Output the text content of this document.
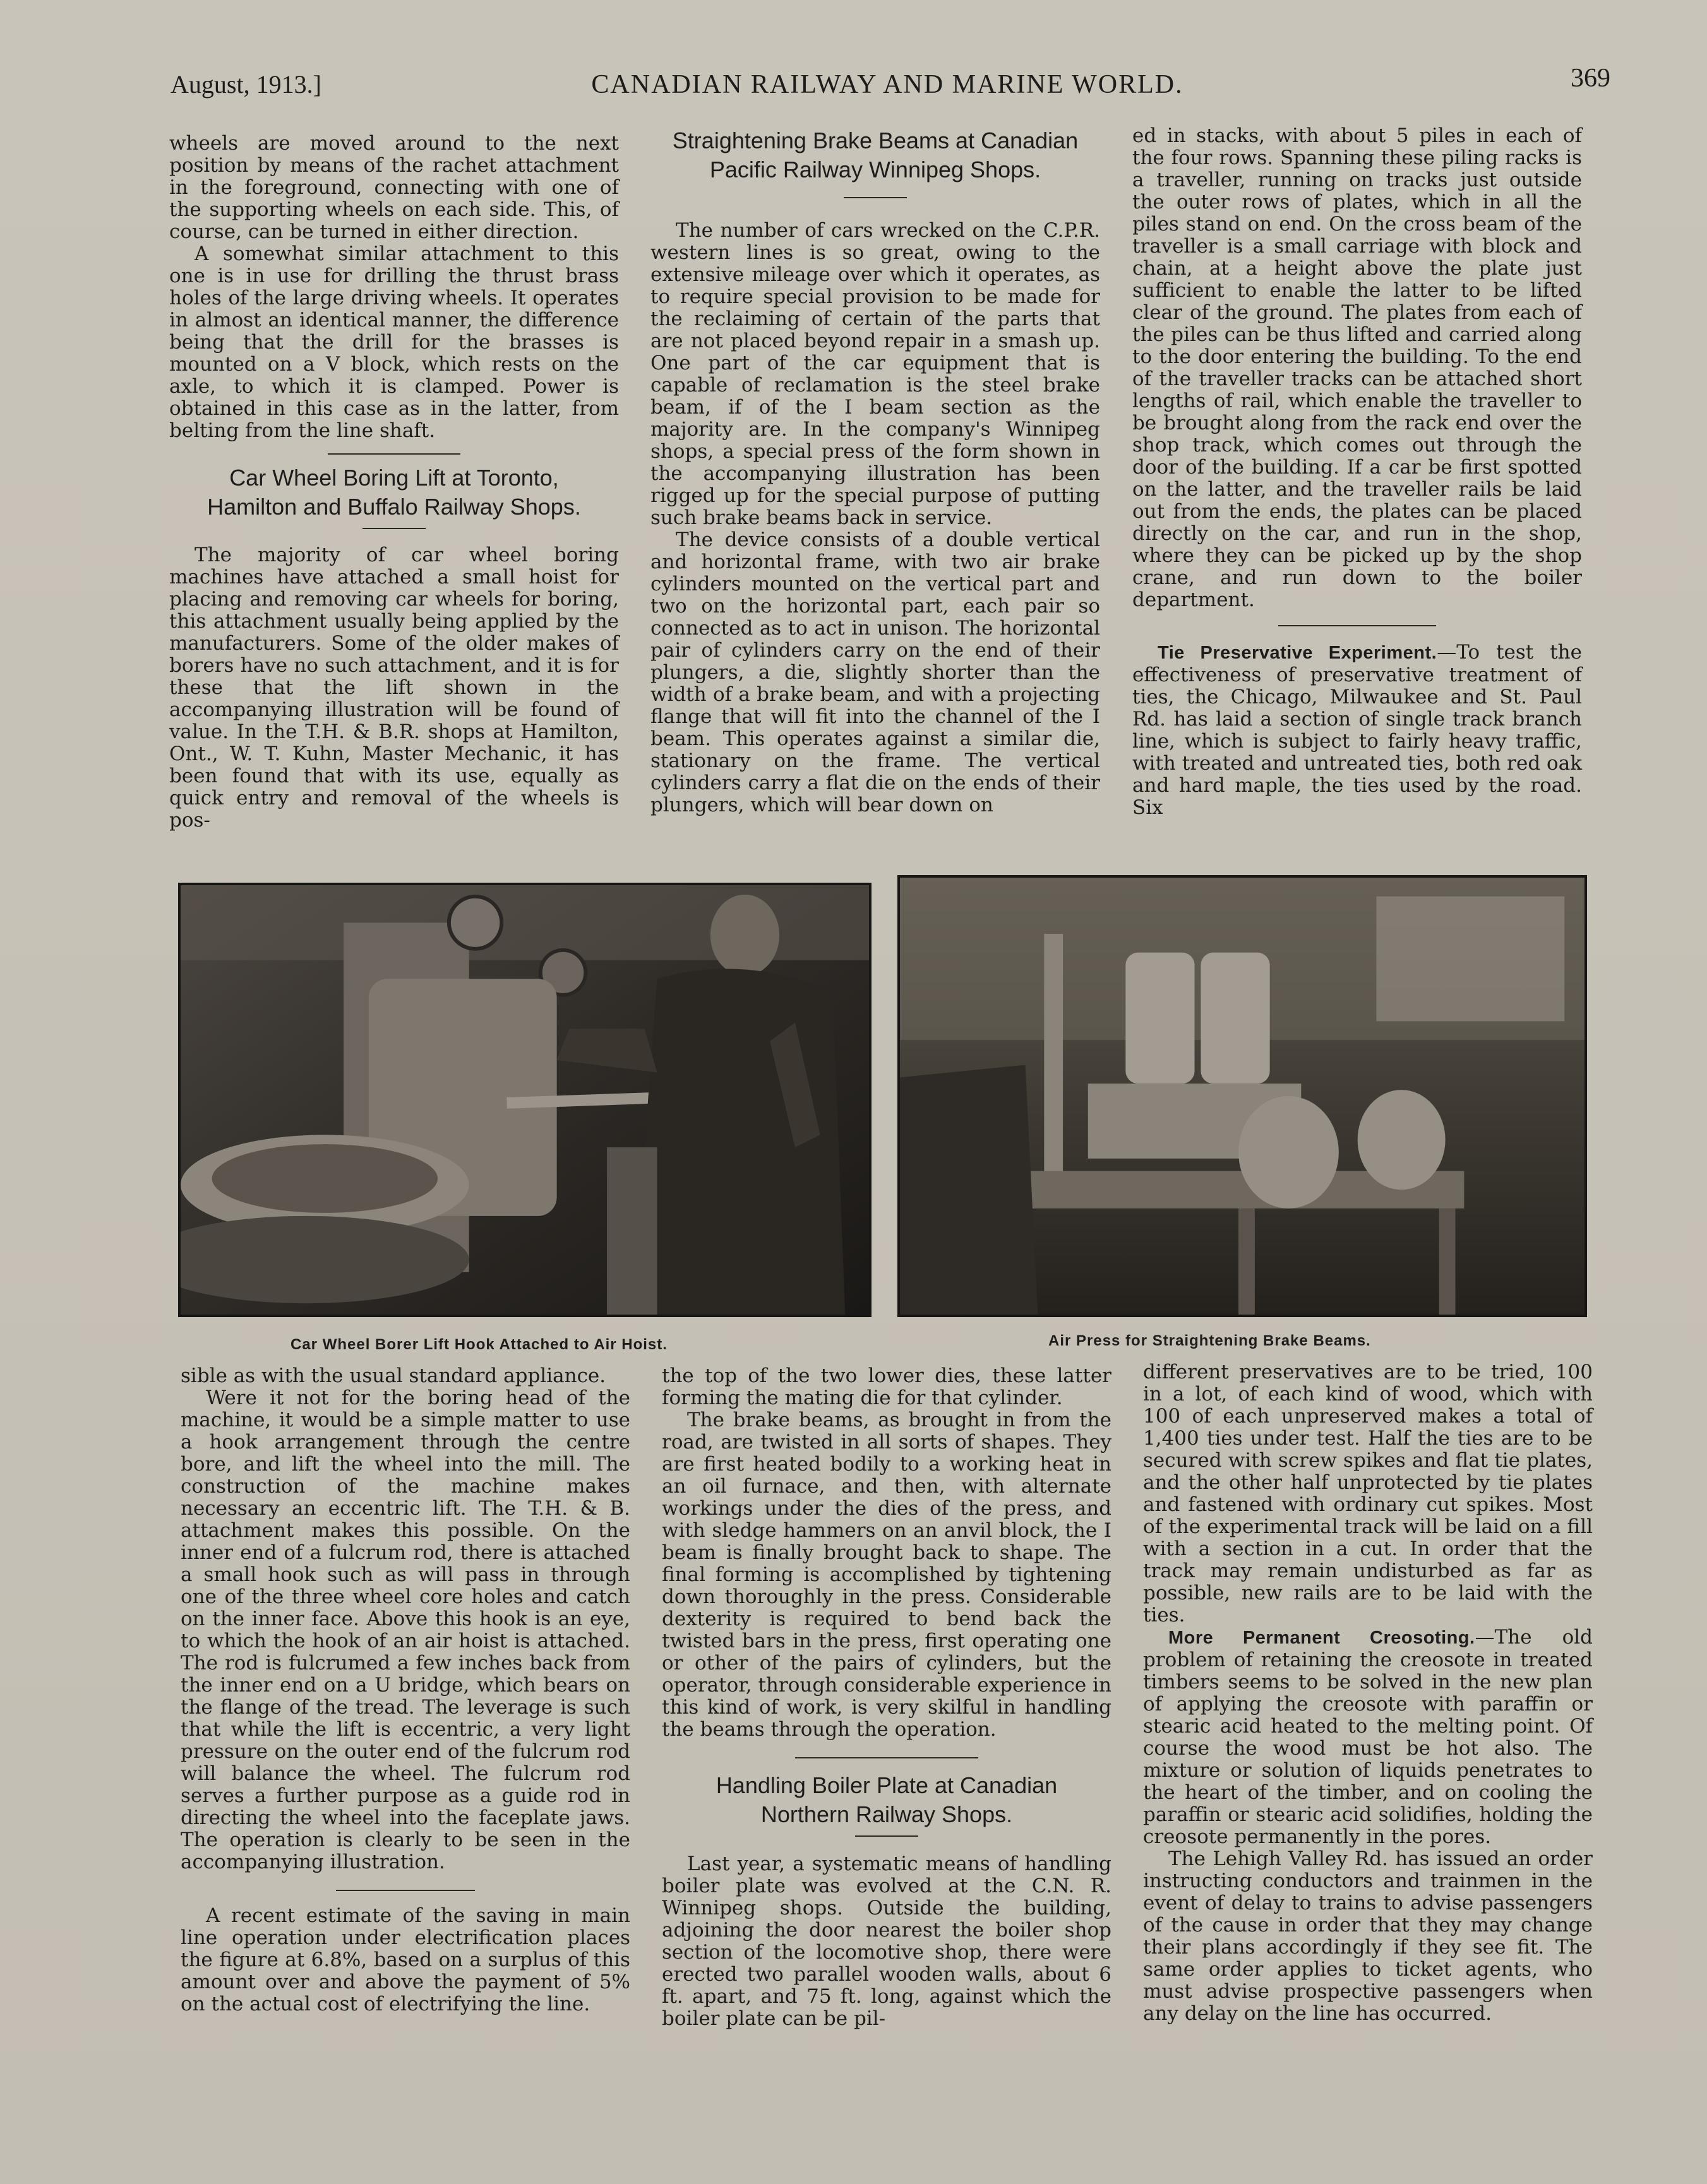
August, 1913.]	CANADIAN RAILWAY AND MARINE WORLD.	369

wheels are moved around to the next position by means of the rachet attachment in the foreground, connecting with one of the supporting wheels on each side. This, of course, can be turned in either direction.

A somewhat similar attachment to this one is in use for drilling the thrust brass holes of the large driving wheels. It operates in almost an identical manner, the difference being that the drill for the brasses is mounted on a V block, which rests on the axle, to which it is clamped. Power is obtained in this case as in the latter, from belting from the line shaft.

Car Wheel Boring Lift at Toronto, Hamilton and Buffalo Railway Shops.

The majority of car wheel boring machines have attached a small hoist for placing and removing car wheels for boring, this attachment usually being applied by the manufacturers. Some of the older makes of borers have no such attachment, and it is for these that the lift shown in the accompanying illustration will be found of value. In the T.H. & B.R. shops at Hamilton, Ont., W. T. Kuhn, Master Mechanic, it has been found that with its use, equally as quick entry and removal of the wheels is pos-

Straightening Brake Beams at Canadian Pacific Railway Winnipeg Shops.

The number of cars wrecked on the C.P.R. western lines is so great, owing to the extensive mileage over which it operates, as to require special provision to be made for the reclaiming of certain of the parts that are not placed beyond repair in a smash up. One part of the car equipment that is capable of reclamation is the steel brake beam, if of the I beam section as the majority are. In the company's Winnipeg shops, a special press of the form shown in the accompanying illustration has been rigged up for the special purpose of putting such brake beams back in service.

The device consists of a double vertical and horizontal frame, with two air brake cylinders mounted on the vertical part and two on the horizontal part, each pair so connected as to act in unison. The horizontal pair of cylinders carry on the end of their plungers, a die, slightly shorter than the width of a brake beam, and with a projecting flange that will fit into the channel of the I beam. This operates against a similar die, stationary on the frame. The vertical cylinders carry a flat die on the ends of their plungers, which will bear down on

ed in stacks, with about 5 piles in each of the four rows. Spanning these piling racks is a traveller, running on tracks just outside the outer rows of plates, which in all the piles stand on end. On the cross beam of the traveller is a small carriage with block and chain, at a height above the plate just sufficient to enable the latter to be lifted clear of the ground. The plates from each of the piles can be thus lifted and carried along to the door entering the building. To the end of the traveller tracks can be attached short lengths of rail, which enable the traveller to be brought along from the rack end over the shop track, which comes out through the door of the building. If a car be first spotted on the latter, and the traveller rails be laid out from the ends, the plates can be placed directly on the car, and run in the shop, where they can be picked up by the shop crane, and run down to the boiler department.

Tie Preservative Experiment.—To test the effectiveness of preservative treatment of ties, the Chicago, Milwaukee and St. Paul Rd. has laid a section of single track branch line, which is subject to fairly heavy traffic, with treated and untreated ties, both red oak and hard maple, the ties used by the road. Six

Car Wheel Borer Lift Hook Attached to Air Hoist.	Air Press for Straightening Brake Beams.

sible as with the usual standard appliance.

Were it not for the boring head of the machine, it would be a simple matter to use a hook arrangement through the centre bore, and lift the wheel into the mill. The construction of the machine makes necessary an eccentric lift. The T.H. & B. attachment makes this possible. On the inner end of a fulcrum rod, there is attached a small hook such as will pass in through one of the three wheel core holes and catch on the inner face. Above this hook is an eye, to which the hook of an air hoist is attached. The rod is fulcrumed a few inches back from the inner end on a U bridge, which bears on the flange of the tread. The leverage is such that while the lift is eccentric, a very light pressure on the outer end of the fulcrum rod will balance the wheel. The fulcrum rod serves a further purpose as a guide rod in directing the wheel into the faceplate jaws. The operation is clearly to be seen in the accompanying illustration.

A recent estimate of the saving in main line operation under electrification places the figure at 6.8%, based on a surplus of this amount over and above the payment of 5% on the actual cost of electrifying the line.

the top of the two lower dies, these latter forming the mating die for that cylinder.

The brake beams, as brought in from the road, are twisted in all sorts of shapes. They are first heated bodily to a working heat in an oil furnace, and then, with alternate workings under the dies of the press, and with sledge hammers on an anvil block, the I beam is finally brought back to shape. The final forming is accomplished by tightening down thoroughly in the press. Considerable dexterity is required to bend back the twisted bars in the press, first operating one or other of the pairs of cylinders, but the operator, through considerable experience in this kind of work, is very skilful in handling the beams through the operation.

Handling Boiler Plate at Canadian Northern Railway Shops.

Last year, a systematic means of handling boiler plate was evolved at the C.N. R. Winnipeg shops. Outside the building, adjoining the door nearest the boiler shop section of the locomotive shop, there were erected two parallel wooden walls, about 6 ft. apart, and 75 ft. long, against which the boiler plate can be pil-

different preservatives are to be tried, 100 in a lot, of each kind of wood, which with 100 of each unpreserved makes a total of 1,400 ties under test. Half the ties are to be secured with screw spikes and flat tie plates, and the other half unprotected by tie plates and fastened with ordinary cut spikes. Most of the experimental track will be laid on a fill with a section in a cut. In order that the track may remain undisturbed as far as possible, new rails are to be laid with the ties.

More Permanent Creosoting.—The old problem of retaining the creosote in treated timbers seems to be solved in the new plan of applying the creosote with paraffin or stearic acid heated to the melting point. Of course the wood must be hot also. The mixture or solution of liquids penetrates to the heart of the timber, and on cooling the paraffin or stearic acid solidifies, holding the creosote permanently in the pores.

The Lehigh Valley Rd. has issued an order instructing conductors and trainmen in the event of delay to trains to advise passengers of the cause in order that they may change their plans accordingly if they see fit. The same order applies to ticket agents, who must advise prospective passengers when any delay on the line has occurred.
